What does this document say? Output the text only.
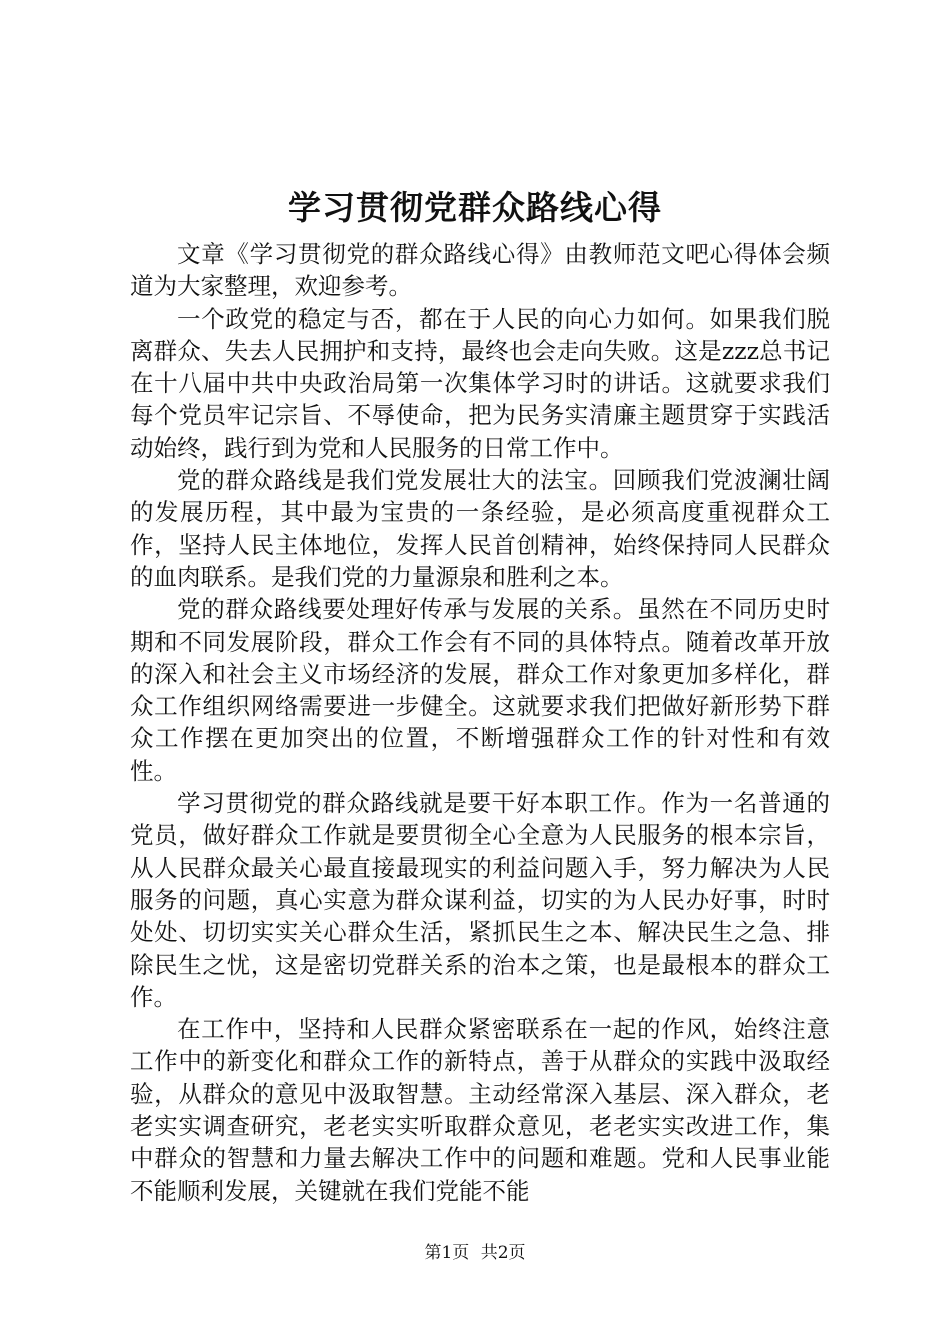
学习贯彻党群众路线心得

文章《学习贯彻党的群众路线心得》由教师范文吧心得体会频道为大家整理，欢迎参考。

一个政党的稳定与否，都在于人民的向心力如何。如果我们脱离群众、失去人民拥护和支持，最终也会走向失败。这是zzz总书记在十八届中共中央政治局第一次集体学习时的讲话。这就要求我们每个党员牢记宗旨、不辱使命，把为民务实清廉主题贯穿于实践活动始终，践行到为党和人民服务的日常工作中。

党的群众路线是我们党发展壮大的法宝。回顾我们党波澜壮阔的发展历程，其中最为宝贵的一条经验，是必须高度重视群众工作，坚持人民主体地位，发挥人民首创精神，始终保持同人民群众的血肉联系。是我们党的力量源泉和胜利之本。

党的群众路线要处理好传承与发展的关系。虽然在不同历史时期和不同发展阶段，群众工作会有不同的具体特点。随着改革开放的深入和社会主义市场经济的发展，群众工作对象更加多样化，群众工作组织网络需要进一步健全。这就要求我们把做好新形势下群众工作摆在更加突出的位置，不断增强群众工作的针对性和有效性。

学习贯彻党的群众路线就是要干好本职工作。作为一名普通的党员，做好群众工作就是要贯彻全心全意为人民服务的根本宗旨，从人民群众最关心最直接最现实的利益问题入手，努力解决为人民服务的问题，真心实意为群众谋利益，切实的为人民办好事，时时处处、切切实实关心群众生活，紧抓民生之本、解决民生之急、排除民生之忧，这是密切党群关系的治本之策，也是最根本的群众工作。

在工作中，坚持和人民群众紧密联系在一起的作风，始终注意工作中的新变化和群众工作的新特点，善于从群众的实践中汲取经验，从群众的意见中汲取智慧。主动经常深入基层、深入群众，老老实实调查研究，老老实实听取群众意见，老老实实改进工作，集中群众的智慧和力量去解决工作中的问题和难题。党和人民事业能不能顺利发展，关键就在我们党能不能

第1页 共2页
